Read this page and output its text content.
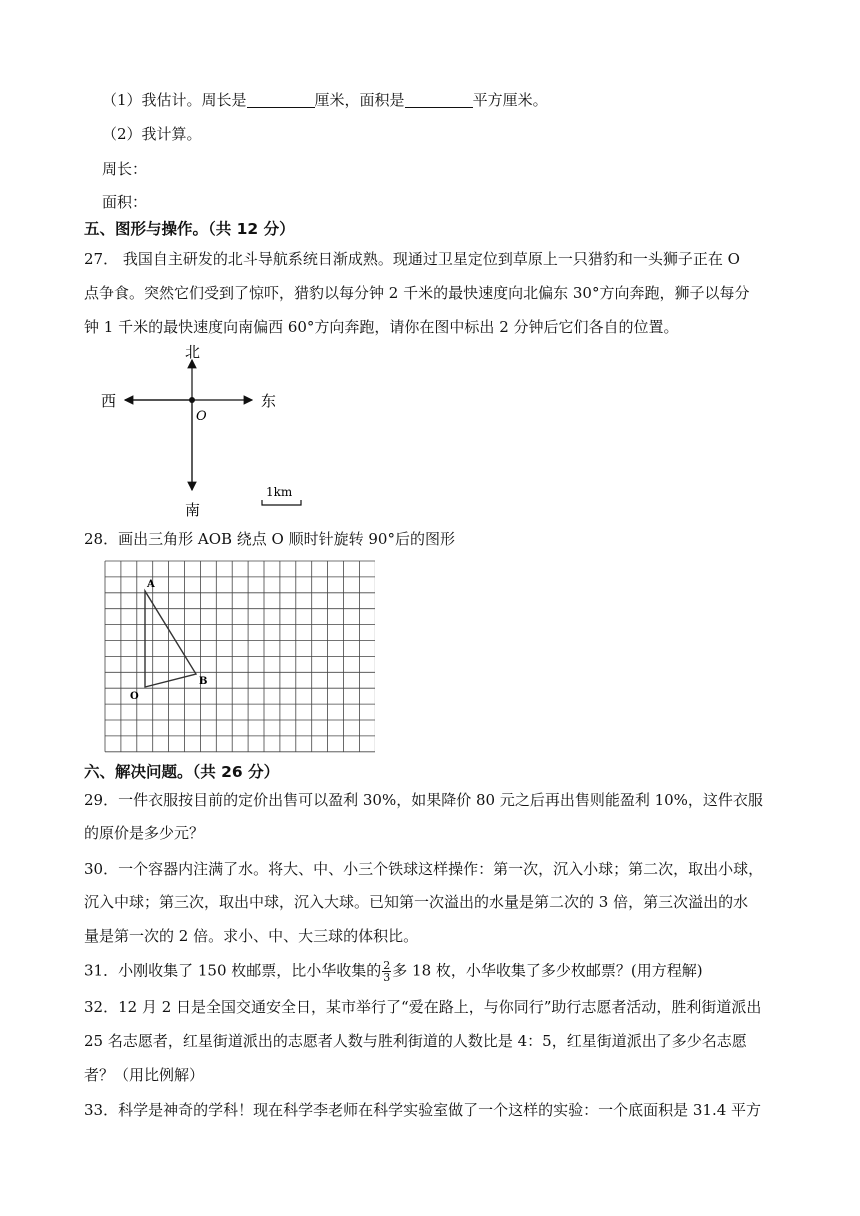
（1）我估计。周长是	厘米，面积是	平方厘米。
（2）我计算。
周长：
面积：
五、图形与操作。（共 12 分）
27． 我国自主研发的北斗导航系统日渐成熟。现通过卫星定位到草原上一只猎豹和一头狮子正在 O
点争食。突然它们受到了惊吓，猎豹以每分钟 2 千米的最快速度向北偏东 30°方向奔跑，狮子以每分
钟 1 千米的最快速度向南偏西 60°方向奔跑，请你在图中标出 2 分钟后它们各自的位置。
北
南
西	东
O
1km
28．画出三角形 AOB 绕点 O 顺时针旋转 90°后的图形
A
B
O
六、解决问题。（共 26 分）
29．一件衣服按目前的定价出售可以盈利 30%，如果降价 80 元之后再出售则能盈利 10%，这件衣服
的原价是多少元？
30．一个容器内注满了水。将大、中、小三个铁球这样操作：第一次，沉入小球；第二次，取出小球，
沉入中球；第三次，取出中球，沉入大球。已知第一次溢出的水量是第二次的 3 倍，第三次溢出的水
量是第一次的 2 倍。求小、中、大三球的体积比。
31．小刚收集了 150 枚邮票，比小华收集的 $\frac{2}{3}$ 多 18 枚，小华收集了多少枚邮票？(用方程解)
32．12 月 2 日是全国交通安全日，某市举行了“爱在路上，与你同行”助行志愿者活动，胜利街道派出
25 名志愿者，红星街道派出的志愿者人数与胜利街道的人数比是 4：5，红星街道派出了多少名志愿
者？（用比例解）
33．科学是神奇的学科！现在科学李老师在科学实验室做了一个这样的实验：一个底面积是 31.4 平方
